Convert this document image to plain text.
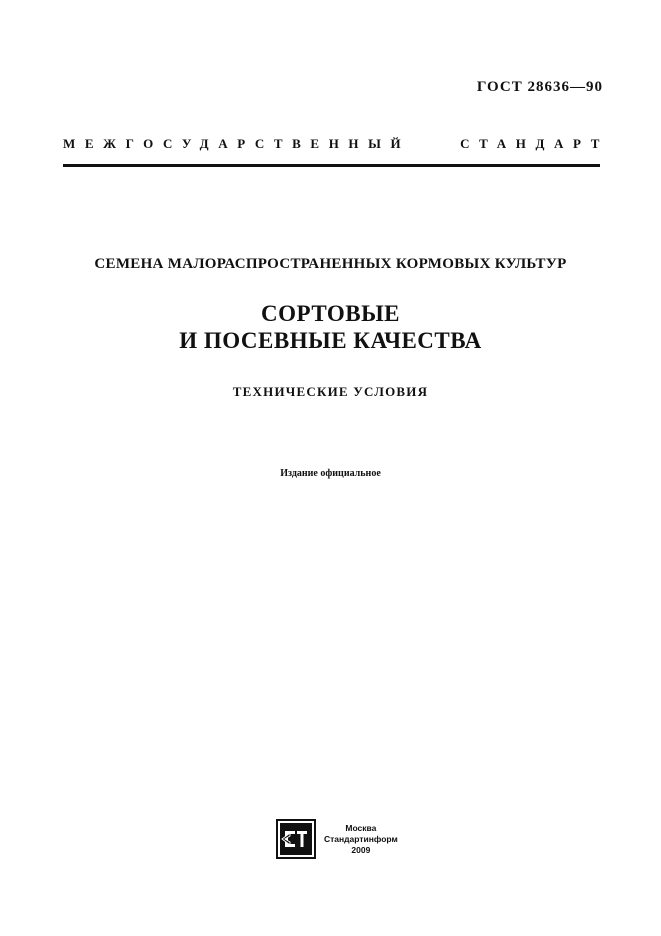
ГОСТ 28636—90
МЕЖГОСУДАРСТВЕННЫЙ	СТАНДАРТ
СЕМЕНА МАЛОРАСПРОСТРАНЕННЫХ КОРМОВЫХ КУЛЬТУР
СОРТОВЫЕ
И ПОСЕВНЫЕ КАЧЕСТВА
ТЕХНИЧЕСКИЕ УСЛОВИЯ
Издание официальное
Москва
Стандартинформ
2009
